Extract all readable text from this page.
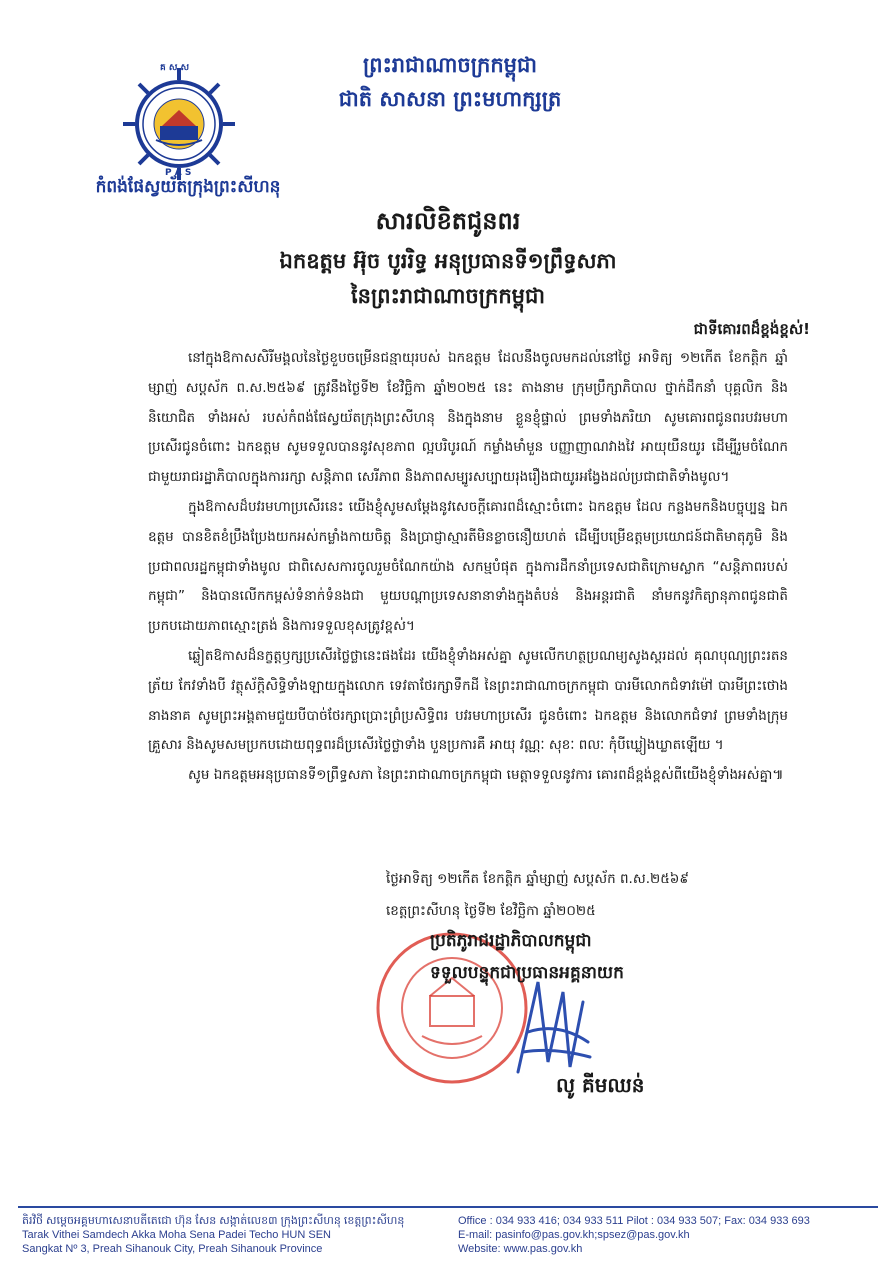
គ ស ស
P A S
កំពង់ផែស្វយ័តក្រុងព្រះសីហនុ
ព្រះរាជាណាចក្រកម្ពុជា
ជាតិ សាសនា ព្រះមហាក្សត្រ
សារលិខិតជូនពរ
ឯកឧត្តម អ៊ុច បូររិទ្ធ អនុប្រធានទី១ព្រឹទ្ធសភា
នៃព្រះរាជាណាចក្រកម្ពុជា
ជាទីគោរពដ៏ខ្ពង់ខ្ពស់!

នៅក្នុងឱកាសសិរីមង្គលនៃថ្ងៃខួបចម្រើនជន្មាយុរបស់ ឯកឧត្តម ដែលនឹងចូលមកដល់នៅថ្ងៃ អាទិត្យ ១២កើត ខែកត្តិក ឆ្នាំម្សាញ់ សប្តស័ក ព.ស.២៥៦៩ ត្រូវនឹងថ្ងៃទី២ ខែវិច្ឆិកា ឆ្នាំ២០២៥ នេះ តាងនាម ក្រុមប្រឹក្សាភិបាល ថ្នាក់ដឹកនាំ បុគ្គលិក និងនិយោជិត ទាំងអស់ របស់កំពង់ផែស្វយ័តក្រុងព្រះសីហនុ និងក្នុងនាម ខ្លួនខ្ញុំផ្ទាល់ ព្រមទាំងភរិយា សូមគោរពជូនពរបវរមហាប្រសើរជូនចំពោះ ឯកឧត្តម សូមទទួលបាននូវសុខភាព ល្អបរិបូរណ៍ កម្លាំងមាំមួន បញ្ញាញាណវាងវៃ អាយុយឺនយូរ ដើម្បីរួមចំណែក ជាមួយរាជរដ្ឋាភិបាលក្នុងការរក្សា សន្តិភាព សេរីភាព និងភាពសម្បូរសប្បាយរុងរឿងជាយូរអង្វែងដល់ប្រជាជាតិទាំងមូល។

ក្នុងឱកាសដ៏បវរមហាប្រសើរនេះ យើងខ្ញុំសូមសម្តែងនូវសេចក្តីគោរពដ៏ស្មោះចំពោះ ឯកឧត្តម ដែល កន្លងមកនិងបច្ចុប្បន្ន ឯកឧត្តម បានខិតខំប្រឹងប្រែងយកអស់កម្លាំងកាយចិត្ត និងប្រាជ្ញាស្មារតីមិនខ្លាចនឿយហត់ ដើម្បីបម្រើឧត្តមប្រយោជន៍ជាតិមាតុភូមិ និងប្រជាពលរដ្ឋកម្ពុជាទាំងមូល ជាពិសេសការចូលរួមចំណែកយ៉ាង សកម្មបំផុត ក្នុងការដឹកនាំប្រទេសជាតិក្រោមស្លាក “សន្តិភាពរបស់កម្ពុជា” និងបានលើកកម្ពស់ទំនាក់ទំនងជា មួយបណ្តាប្រទេសនានាទាំងក្នុងតំបន់ និងអន្តរជាតិ នាំមកនូវកិត្យានុភាពជូនជាតិ ប្រកបដោយភាពស្មោះត្រង់ និងការទទួលខុសត្រូវខ្ពស់។

ឆ្លៀតឱកាសដ៏នក្ខត្តឫក្សប្រសើរថ្លៃថ្លានេះផងដែរ យើងខ្ញុំទាំងអស់គ្នា សូមលើកហត្ថប្រណម្យសូងស្តរដល់ គុណបុណ្យព្រះរតនត្រ័យ កែវទាំងបី វត្ថុស័ក្តិសិទ្ធិទាំងឡាយក្នុងលោក ទេវតាថែរក្សាទឹកដី នៃព្រះរាជាណាចក្រកម្ពុជា បារមីលោកជំទាវម៉ៅ បារមីព្រះថោងនាងនាគ សូមព្រះអង្គតាមជួយបីបាច់ថែរក្សាប្រោះព្រំប្រសិទ្ធិពរ បវរមហាប្រសើរ ជូនចំពោះ ឯកឧត្តម និងលោកជំទាវ ព្រមទាំងក្រុមគ្រួសារ និងសូមសមប្រកបដោយពុទ្ធពរដ៏ប្រសើរថ្លៃថ្លាទាំង បួនប្រការគឺ អាយុ វណ្ណៈ សុខៈ ពលៈ កុំបីឃ្លៀងឃ្លាតឡើយ ។

សូម ឯកឧត្តមអនុប្រធានទី១ព្រឹទ្ធសភា នៃព្រះរាជាណាចក្រកម្ពុជា មេត្តាទទួលនូវការ គោរពដ៏ខ្ពង់ខ្ពស់ពីយើងខ្ញុំទាំងអស់គ្នា៕

ថ្ងៃអាទិត្យ ១២កើត ខែកត្តិក ឆ្នាំម្សាញ់ សប្តស័ក ព.ស.២៥៦៩
ខេត្តព្រះសីហនុ ថ្ងៃទី២ ខែវិច្ឆិកា ឆ្នាំ២០២៥
ប្រតិភូរាជរដ្ឋាភិបាលកម្ពុជា
ទទួលបន្ទុកជាប្រធានអគ្គនាយក
លូ គីមឈន់
តិរវិថី សម្តេចអគ្គមហាសេនាបតីតេជោ ហ៊ុន សែន សង្កាត់លេខ៣ ក្រុងព្រះសីហនុ ខេត្តព្រះសីហនុ
Tarak Vithei Samdech Akka Moha Sena Padei Techo HUN SEN
Sangkat Nº 3, Preah Sihanouk City, Preah Sihanouk Province
Office : 034 933 416; 034 933 511 Pilot : 034 933 507; Fax: 034 933 693
E-mail: pasinfo@pas.gov.kh;spsez@pas.gov.kh
Website: www.pas.gov.kh
